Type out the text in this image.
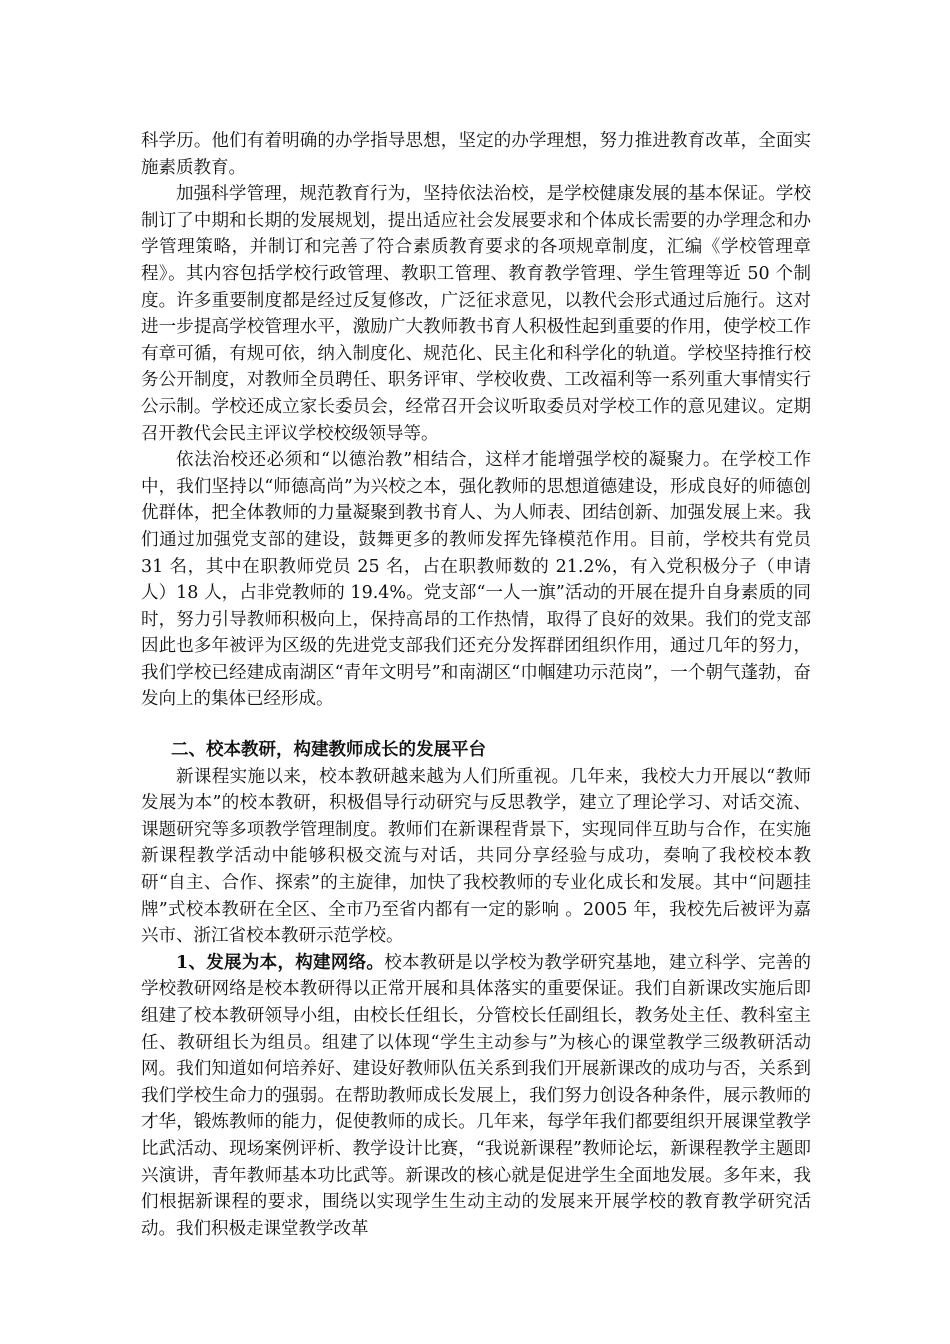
科学历。他们有着明确的办学指导思想，坚定的办学理想，努力推进教育改革，全面实施素质教育。

加强科学管理，规范教育行为，坚持依法治校，是学校健康发展的基本保证。学校制订了中期和长期的发展规划，提出适应社会发展要求和个体成长需要的办学理念和办学管理策略，并制订和完善了符合素质教育要求的各项规章制度，汇编《学校管理章程》。其内容包括学校行政管理、教职工管理、教育教学管理、学生管理等近 50 个制度。许多重要制度都是经过反复修改，广泛征求意见，以教代会形式通过后施行。这对进一步提高学校管理水平，激励广大教师教书育人积极性起到重要的作用，使学校工作有章可循，有规可依，纳入制度化、规范化、民主化和科学化的轨道。学校坚持推行校务公开制度，对教师全员聘任、职务评审、学校收费、工改福利等一系列重大事情实行公示制。学校还成立家长委员会，经常召开会议听取委员对学校工作的意见建议。定期召开教代会民主评议学校校级领导等。

依法治校还必须和“以德治教”相结合，这样才能增强学校的凝聚力。在学校工作中，我们坚持以“师德高尚”为兴校之本，强化教师的思想道德建设，形成良好的师德创优群体，把全体教师的力量凝聚到教书育人、为人师表、团结创新、加强发展上来。我们通过加强党支部的建设，鼓舞更多的教师发挥先锋模范作用。目前，学校共有党员 31 名，其中在职教师党员 25 名，占在职教师数的 21.2%，有入党积极分子（申请人）18 人，占非党教师的 19.4%。党支部“一人一旗”活动的开展在提升自身素质的同时，努力引导教师积极向上，保持高昂的工作热情，取得了良好的效果。我们的党支部因此也多年被评为区级的先进党支部我们还充分发挥群团组织作用，通过几年的努力，我们学校已经建成南湖区“青年文明号”和南湖区“巾帼建功示范岗”，一个朝气蓬勃，奋发向上的集体已经形成。

二、校本教研，构建教师成长的发展平台

新课程实施以来，校本教研越来越为人们所重视。几年来，我校大力开展以“教师发展为本”的校本教研，积极倡导行动研究与反思教学，建立了理论学习、对话交流、课题研究等多项教学管理制度。教师们在新课程背景下，实现同伴互助与合作，在实施新课程教学活动中能够积极交流与对话，共同分享经验与成功，奏响了我校校本教研“自主、合作、探索”的主旋律，加快了我校教师的专业化成长和发展。其中“问题挂牌”式校本教研在全区、全市乃至省内都有一定的影响 。2005 年，我校先后被评为嘉兴市、浙江省校本教研示范学校。

1、发展为本，构建网络。校本教研是以学校为教学研究基地，建立科学、完善的学校教研网络是校本教研得以正常开展和具体落实的重要保证。我们自新课改实施后即组建了校本教研领导小组，由校长任组长，分管校长任副组长，教务处主任、教科室主任、教研组长为组员。组建了以体现“学生主动参与”为核心的课堂教学三级教研活动网。我们知道如何培养好、建设好教师队伍关系到我们开展新课改的成功与否，关系到我们学校生命力的强弱。在帮助教师成长发展上，我们努力创设各种条件，展示教师的才华，锻炼教师的能力，促使教师的成长。几年来，每学年我们都要组织开展课堂教学比武活动、现场案例评析、教学设计比赛，“我说新课程”教师论坛，新课程教学主题即兴演讲，青年教师基本功比武等。新课改的核心就是促进学生全面地发展。多年来，我们根据新课程的要求，围绕以实现学生生动主动的发展来开展学校的教育教学研究活动。我们积极走课堂教学改革
